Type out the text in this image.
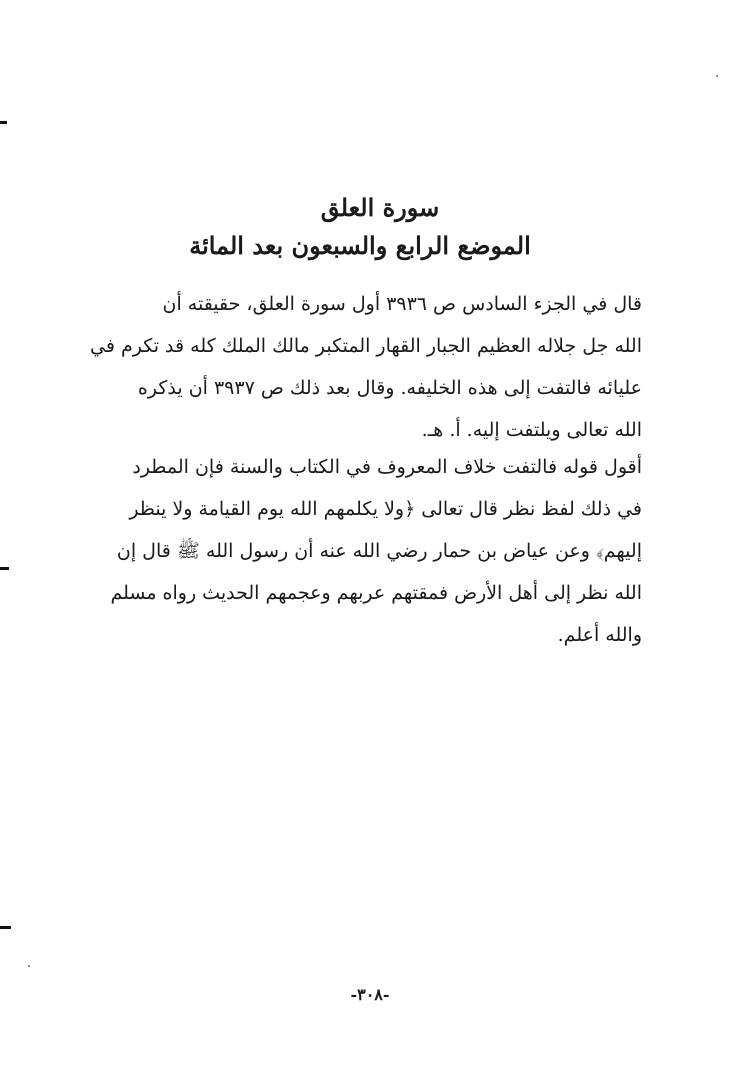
سورة العلق
الموضع الرابع والسبعون بعد المائة
قال في الجزء السادس ص ٣٩٣٦ أول سورة العلق، حقيقته أن
الله جل جلاله العظيم الجبار القهار المتكبر مالك الملك كله قد تكرم في
عليائه فالتفت إلى هذه الخليفه. وقال بعد ذلك ص ٣٩٣٧ أن يذكره
الله تعالى ويلتفت إليه. أ. هـ.
أقول قوله فالتفت خلاف المعروف في الكتاب والسنة فإن المطرد
في ذلك لفظ نظر قال تعالى ﴿ولا يكلمهم الله يوم القيامة ولا ينظر
إليهم﴾ وعن عياض بن حمار رضي الله عنه أن رسول الله ﷺ قال إن
الله نظر إلى أهل الأرض فمقتهم عربهم وعجمهم الحديث رواه مسلم
والله أعلم.
-٣٠٨-
